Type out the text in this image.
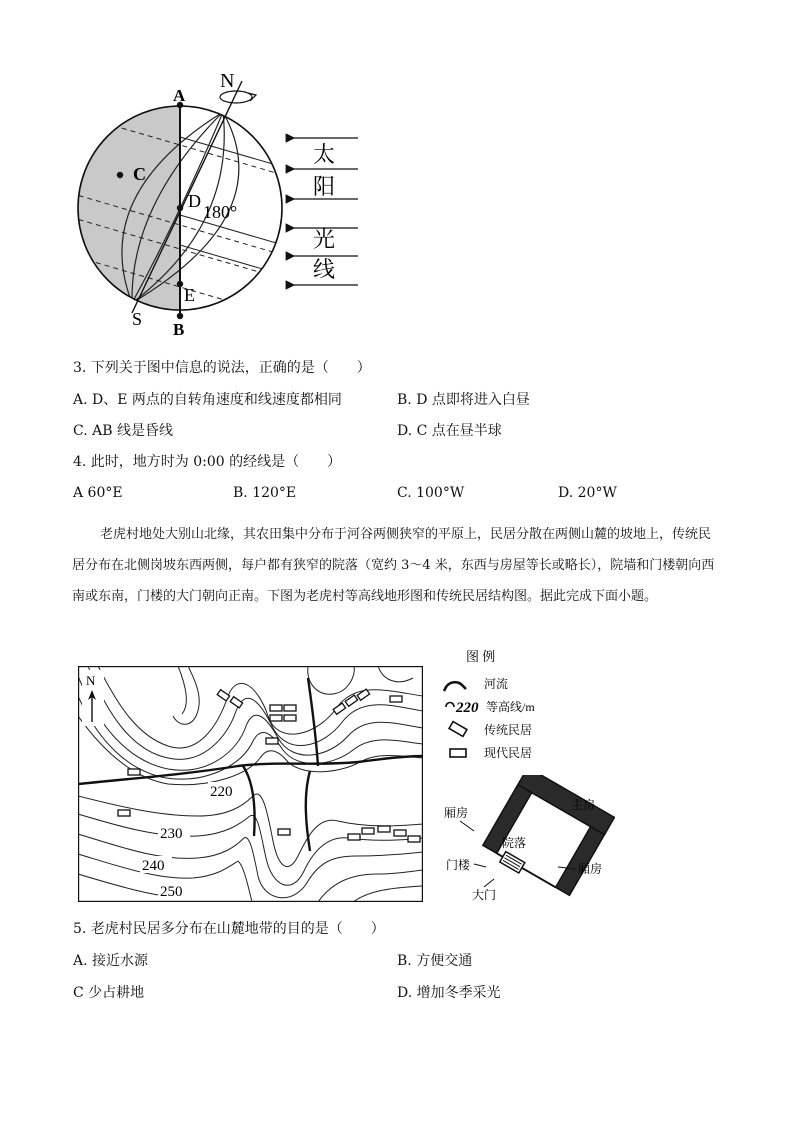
N
S
A
B
C
D
180°
E
太
阳
光
线
3. 下列关于图中信息的说法，正确的是（　　）
A. D、E 两点的自转角速度和线速度都相同	B. D 点即将进入白昼
C. AB 线是昏线	D. C 点在昼半球
4. 此时，地方时为 0:00 的经线是（　　）
A 60°E	B. 120°E	C. 100°W	D. 20°W
老虎村地处大别山北缘，其农田集中分布于河谷两侧狭窄的平原上，民居分散在两侧山麓的坡地上，传统民居分布在北侧岗坡东西两侧，每户都有狭窄的院落（宽约 3～4 米，东西与房屋等长或略长），院墙和门楼朝向西南或东南，门楼的大门朝向正南。下图为老虎村等高线地形图和传统民居结构图。据此完成下面小题。
N
220
230
240
250
图 例
河流
220 等高线/m
传统民居
现代民居
厢房
主房
院落
门楼	厢房
大门
5. 老虎村民居多分布在山麓地带的目的是（　　）
A. 接近水源	B. 方便交通
C 少占耕地	D. 增加冬季采光
